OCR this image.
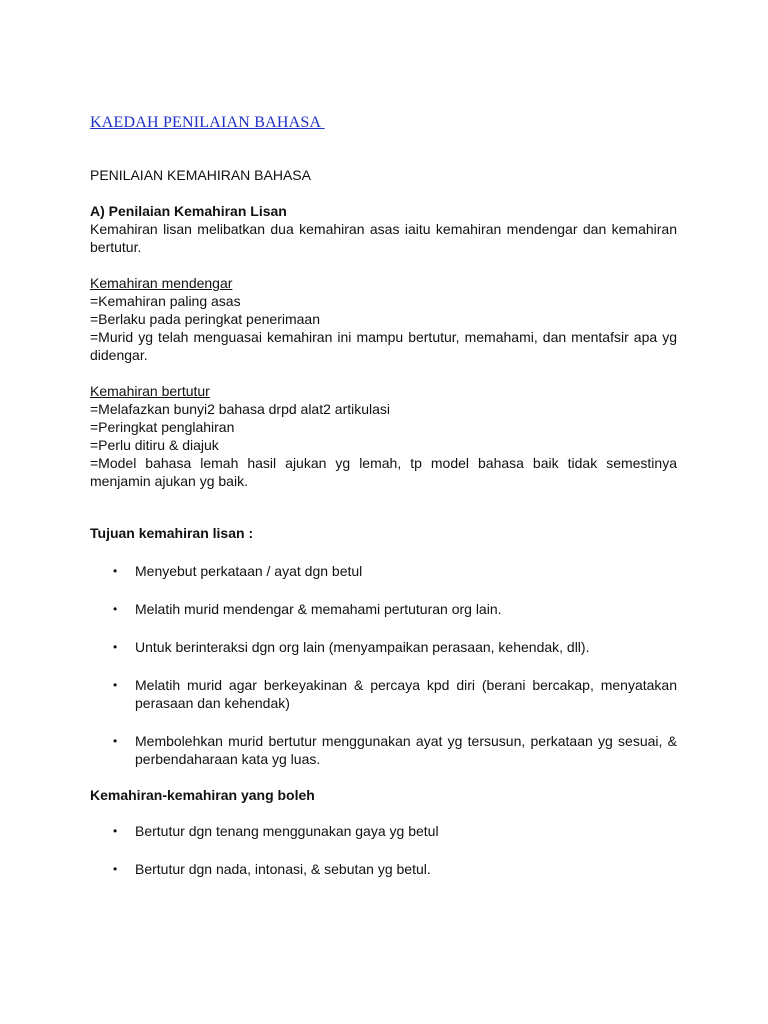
KAEDAH PENILAIAN BAHASA

PENILAIAN KEMAHIRAN BAHASA

A) Penilaian Kemahiran Lisan

Kemahiran lisan melibatkan dua kemahiran asas iaitu kemahiran mendengar dan kemahiran bertutur.

Kemahiran mendengar

=Kemahiran paling asas

=Berlaku pada peringkat penerimaan

=Murid yg telah menguasai kemahiran ini mampu bertutur, memahami, dan mentafsir apa yg didengar.

Kemahiran bertutur

=Melafazkan bunyi2 bahasa drpd alat2 artikulasi

=Peringkat penglahiran

=Perlu ditiru & diajuk

=Model bahasa lemah hasil ajukan yg lemah, tp model bahasa baik tidak semestinya menjamin ajukan yg baik.

Tujuan kemahiran lisan :

• Menyebut perkataan / ayat dgn betul
• Melatih murid mendengar & memahami pertuturan org lain.
• Untuk berinteraksi dgn org lain (menyampaikan perasaan, kehendak, dll).
• Melatih murid agar berkeyakinan & percaya kpd diri (berani bercakap, menyatakan perasaan dan kehendak)
• Membolehkan murid bertutur menggunakan ayat yg tersusun, perkataan yg sesuai, & perbendaharaan kata yg luas.

Kemahiran-kemahiran yang boleh

• Bertutur dgn tenang menggunakan gaya yg betul
• Bertutur dgn nada, intonasi, & sebutan yg betul.
